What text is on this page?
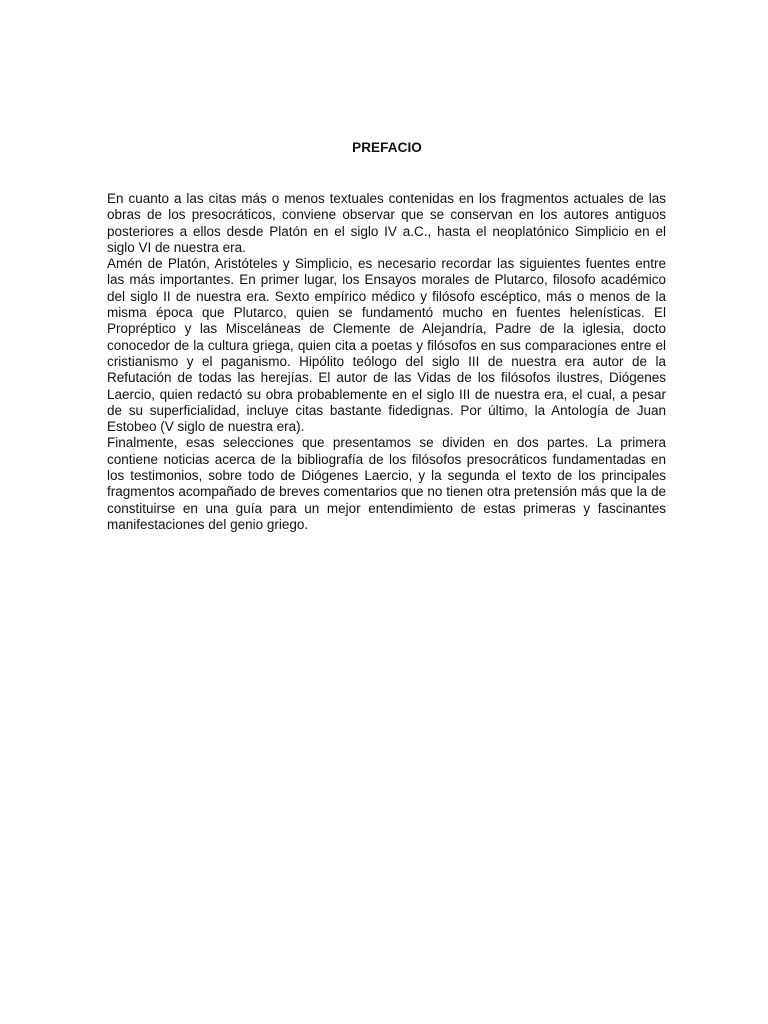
PREFACIO

En cuanto a las citas más o menos textuales contenidas en los fragmentos actuales de las obras de los presocráticos, conviene observar que se conservan en los autores antiguos posteriores a ellos desde Platón en el siglo IV a.C., hasta el neoplatónico Simplicio en el siglo VI de nuestra era.

Amén de Platón, Aristóteles y Simplicio, es necesario recordar las siguientes fuentes entre las más importantes. En primer lugar, los Ensayos morales de Plutarco, filosofo académico del siglo II de nuestra era. Sexto empírico médico y filósofo escéptico, más o menos de la misma época que Plutarco, quien se fundamentó mucho en fuentes helenísticas. El Propréptico y las Misceláneas de Clemente de Alejandría, Padre de la iglesia, docto conocedor de la cultura griega, quien cita a poetas y filósofos en sus comparaciones entre el cristianismo y el paganismo. Hipólito teólogo del siglo III de nuestra era autor de la Refutación de todas las herejías. El autor de las Vidas de los filósofos ilustres, Diógenes Laercio, quien redactó su obra probablemente en el siglo III de nuestra era, el cual, a pesar de su superficialidad, incluye citas bastante fidedignas. Por último, la Antología de Juan Estobeo (V siglo de nuestra era).

Finalmente, esas selecciones que presentamos se dividen en dos partes. La primera contiene noticias acerca de la bibliografía de los filósofos presocráticos fundamentadas en los testimonios, sobre todo de Diógenes Laercio, y la segunda el texto de los principales fragmentos acompañado de breves comentarios que no tienen otra pretensión más que la de constituirse en una guía para un mejor entendimiento de estas primeras y fascinantes manifestaciones del genio griego.
